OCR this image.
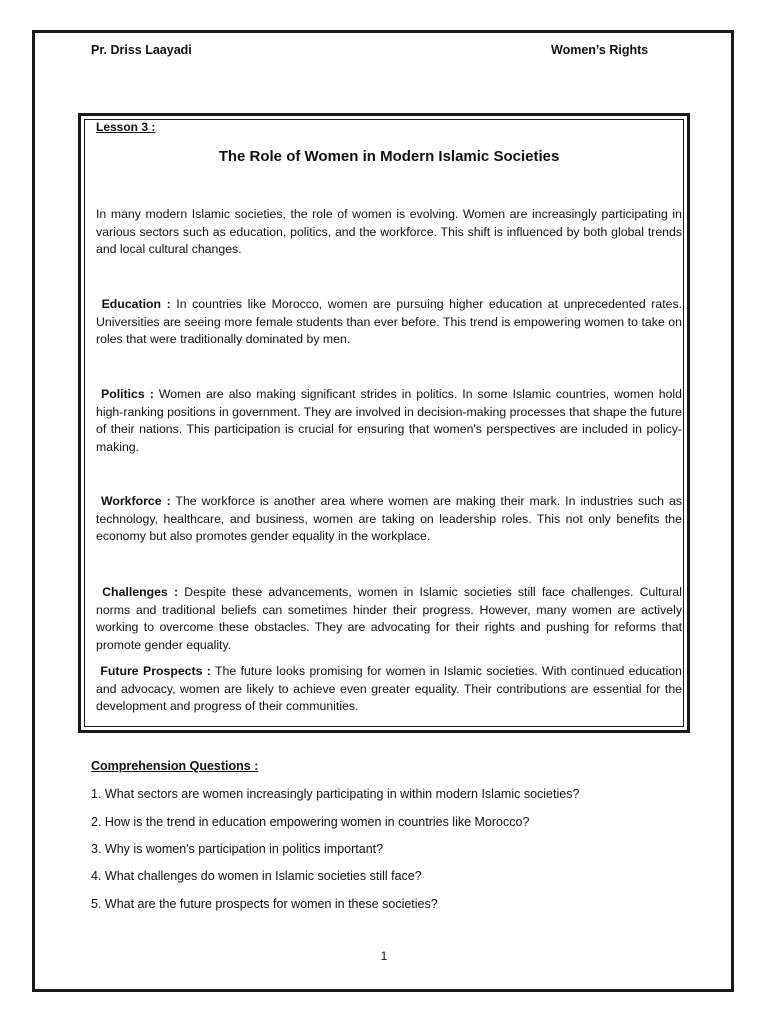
Pr. Driss Laayadi	Women’s Rights
Lesson 3 :
The Role of Women in Modern Islamic Societies

In many modern Islamic societies, the role of women is evolving. Women are increasingly participating in various sectors such as education, politics, and the workforce. This shift is influenced by both global trends and local cultural changes.

Education : In countries like Morocco, women are pursuing higher education at unprecedented rates. Universities are seeing more female students than ever before. This trend is empowering women to take on roles that were traditionally dominated by men.

Politics : Women are also making significant strides in politics. In some Islamic countries, women hold high-ranking positions in government. They are involved in decision-making processes that shape the future of their nations. This participation is crucial for ensuring that women's perspectives are included in policy-making.

Workforce : The workforce is another area where women are making their mark. In industries such as technology, healthcare, and business, women are taking on leadership roles. This not only benefits the economy but also promotes gender equality in the workplace.

Challenges : Despite these advancements, women in Islamic societies still face challenges. Cultural norms and traditional beliefs can sometimes hinder their progress. However, many women are actively working to overcome these obstacles. They are advocating for their rights and pushing for reforms that promote gender equality.

Future Prospects : The future looks promising for women in Islamic societies. With continued education and advocacy, women are likely to achieve even greater equality. Their contributions are essential for the development and progress of their communities.

Comprehension Questions :
1. What sectors are women increasingly participating in within modern Islamic societies?
2. How is the trend in education empowering women in countries like Morocco?
3. Why is women's participation in politics important?
4. What challenges do women in Islamic societies still face?
5. What are the future prospects for women in these societies?
1
